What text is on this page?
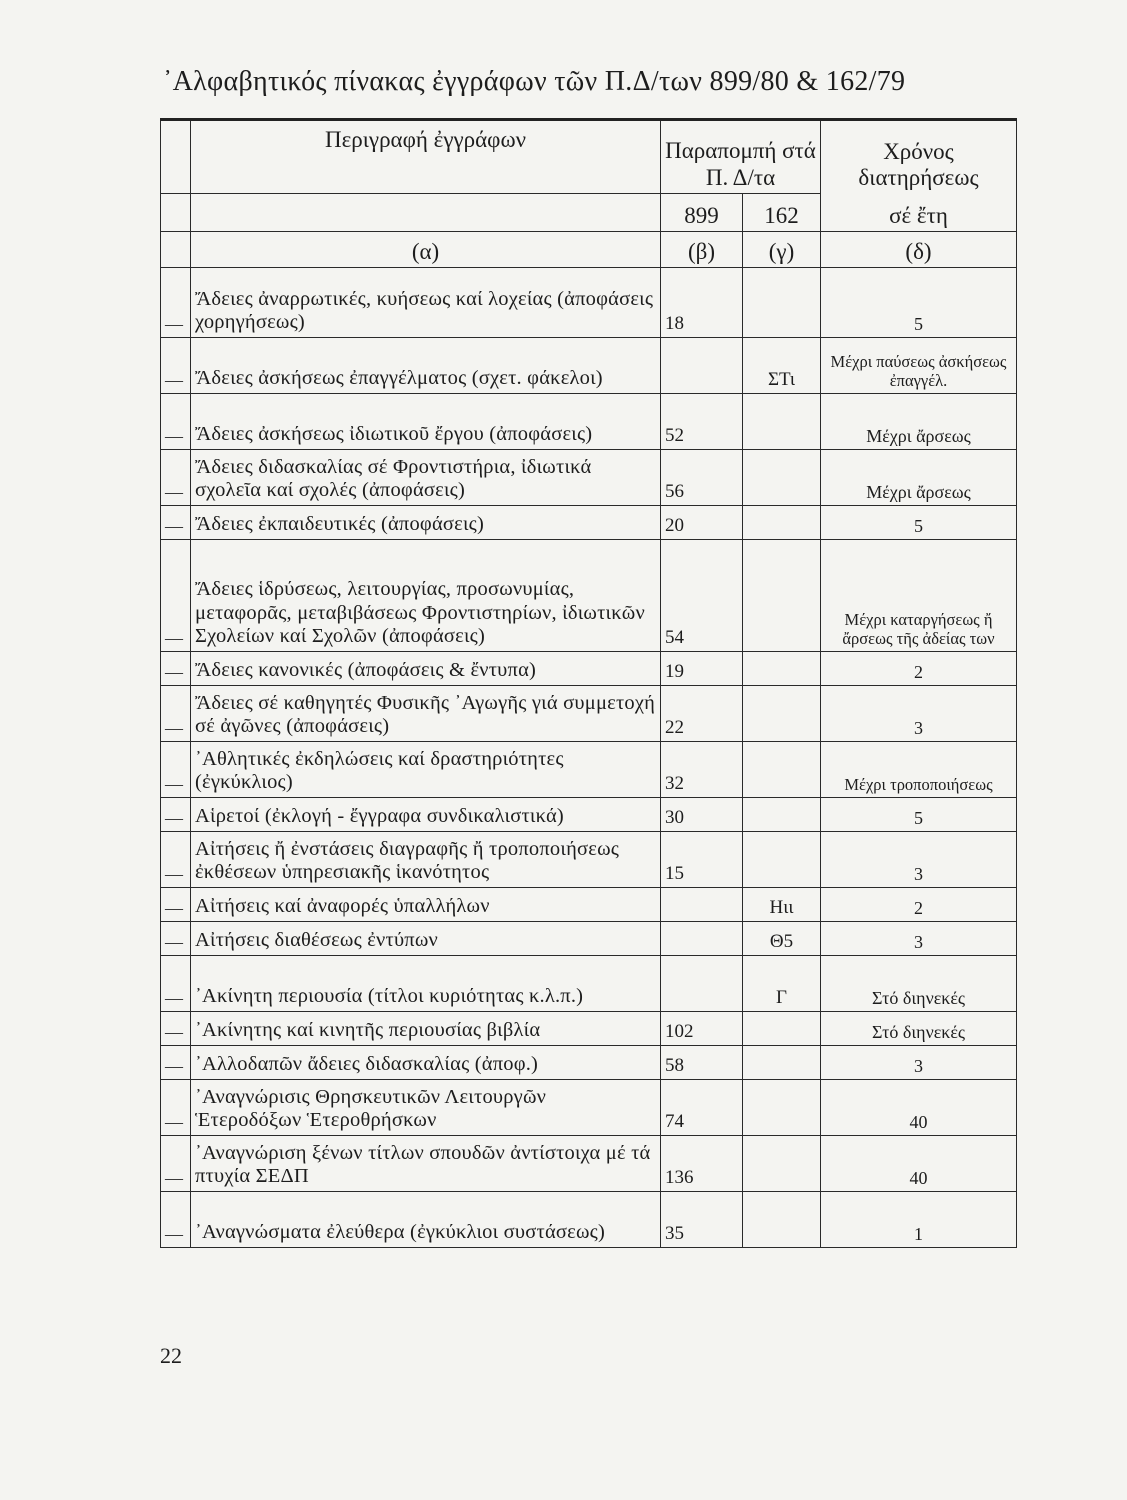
᾿Αλφαβητικός πίνακας ἐγγράφων τῶν Π.Δ/των 899/80 & 162/79
	Περιγραφή ἐγγράφων	Παραπομπή στά Π. Δ/τα		Χρόνος
διατηρήσεως

		899	162	σέ ἔτη
	(α)	(β)	(γ)	(δ)
—	Ἄδειες ἀναρρωτικές, κυήσεως καί λοχείας (ἀποφάσεις χορηγήσεως)	18		5
—	Ἄδειες ἀσκήσεως ἐπαγγέλματος (σχετ. φάκελοι)		ΣΤι	Μέχρι παύσεως ἀσκήσεως ἐπαγγέλ.
—	Ἄδειες ἀσκήσεως ἰδιωτικοῦ ἔργου (ἀποφάσεις)	52		Μέχρι ἄρσεως
—	Ἄδειες διδασκαλίας σέ Φροντιστήρια, ἰδιωτικά σχολεῖα καί σχολές (ἀποφάσεις)	56		Μέχρι ἄρσεως
—	Ἄδειες ἐκπαιδευτικές (ἀποφάσεις)	20		5
—	Ἄδειες ἱδρύσεως, λειτουργίας, προσωνυμίας, μεταφορᾶς, μεταβιβάσεως Φροντιστηρίων, ἰδιωτικῶν Σχολείων καί Σχολῶν (ἀποφάσεις)	54		Μέχρι καταργήσεως ἤ ἄρσεως τῆς ἀδείας των
—	Ἄδειες κανονικές (ἀποφάσεις & ἔντυπα)	19		2
—	Ἄδειες σέ καθηγητές Φυσικῆς ᾿Αγωγῆς γιά συμμετοχή σέ ἀγῶνες (ἀποφάσεις)	22		3
—	᾿Αθλητικές ἐκδηλώσεις καί δραστηριότητες (ἐγκύκλιος)	32		Μέχρι τροποποιήσεως
—	Αἱρετοί (ἐκλογή - ἔγγραφα συνδικαλιστικά)	30		5
—	Αἰτήσεις ἤ ἐνστάσεις διαγραφῆς ἤ τροποποιήσεως ἐκθέσεων ὑπηρεσιακῆς ἱκανότητος	15		3
—	Αἰτήσεις καί ἀναφορές ὑπαλλήλων		Ηιι	2
—	Αἰτήσεις διαθέσεως ἐντύπων		Θ5	3
—	᾿Ακίνητη περιουσία (τίτλοι κυριότητας κ.λ.π.)		Γ	Στό διηνεκές
—	᾿Ακίνητης καί κινητῆς περιουσίας βιβλία	102		Στό διηνεκές
—	᾿Αλλοδαπῶν ἄδειες διδασκαλίας (ἀποφ.)	58		3
—	᾿Αναγνώρισις Θρησκευτικῶν Λειτουργῶν Ἑτεροδόξων Ἑτεροθρήσκων	74		40
—	᾿Αναγνώριση ξένων τίτλων σπουδῶν ἀντίστοιχα μέ τά πτυχία ΣΕΔΠ	136		40
—	᾿Αναγνώσματα ἐλεύθερα (ἐγκύκλιοι συστάσεως)	35		1
22
